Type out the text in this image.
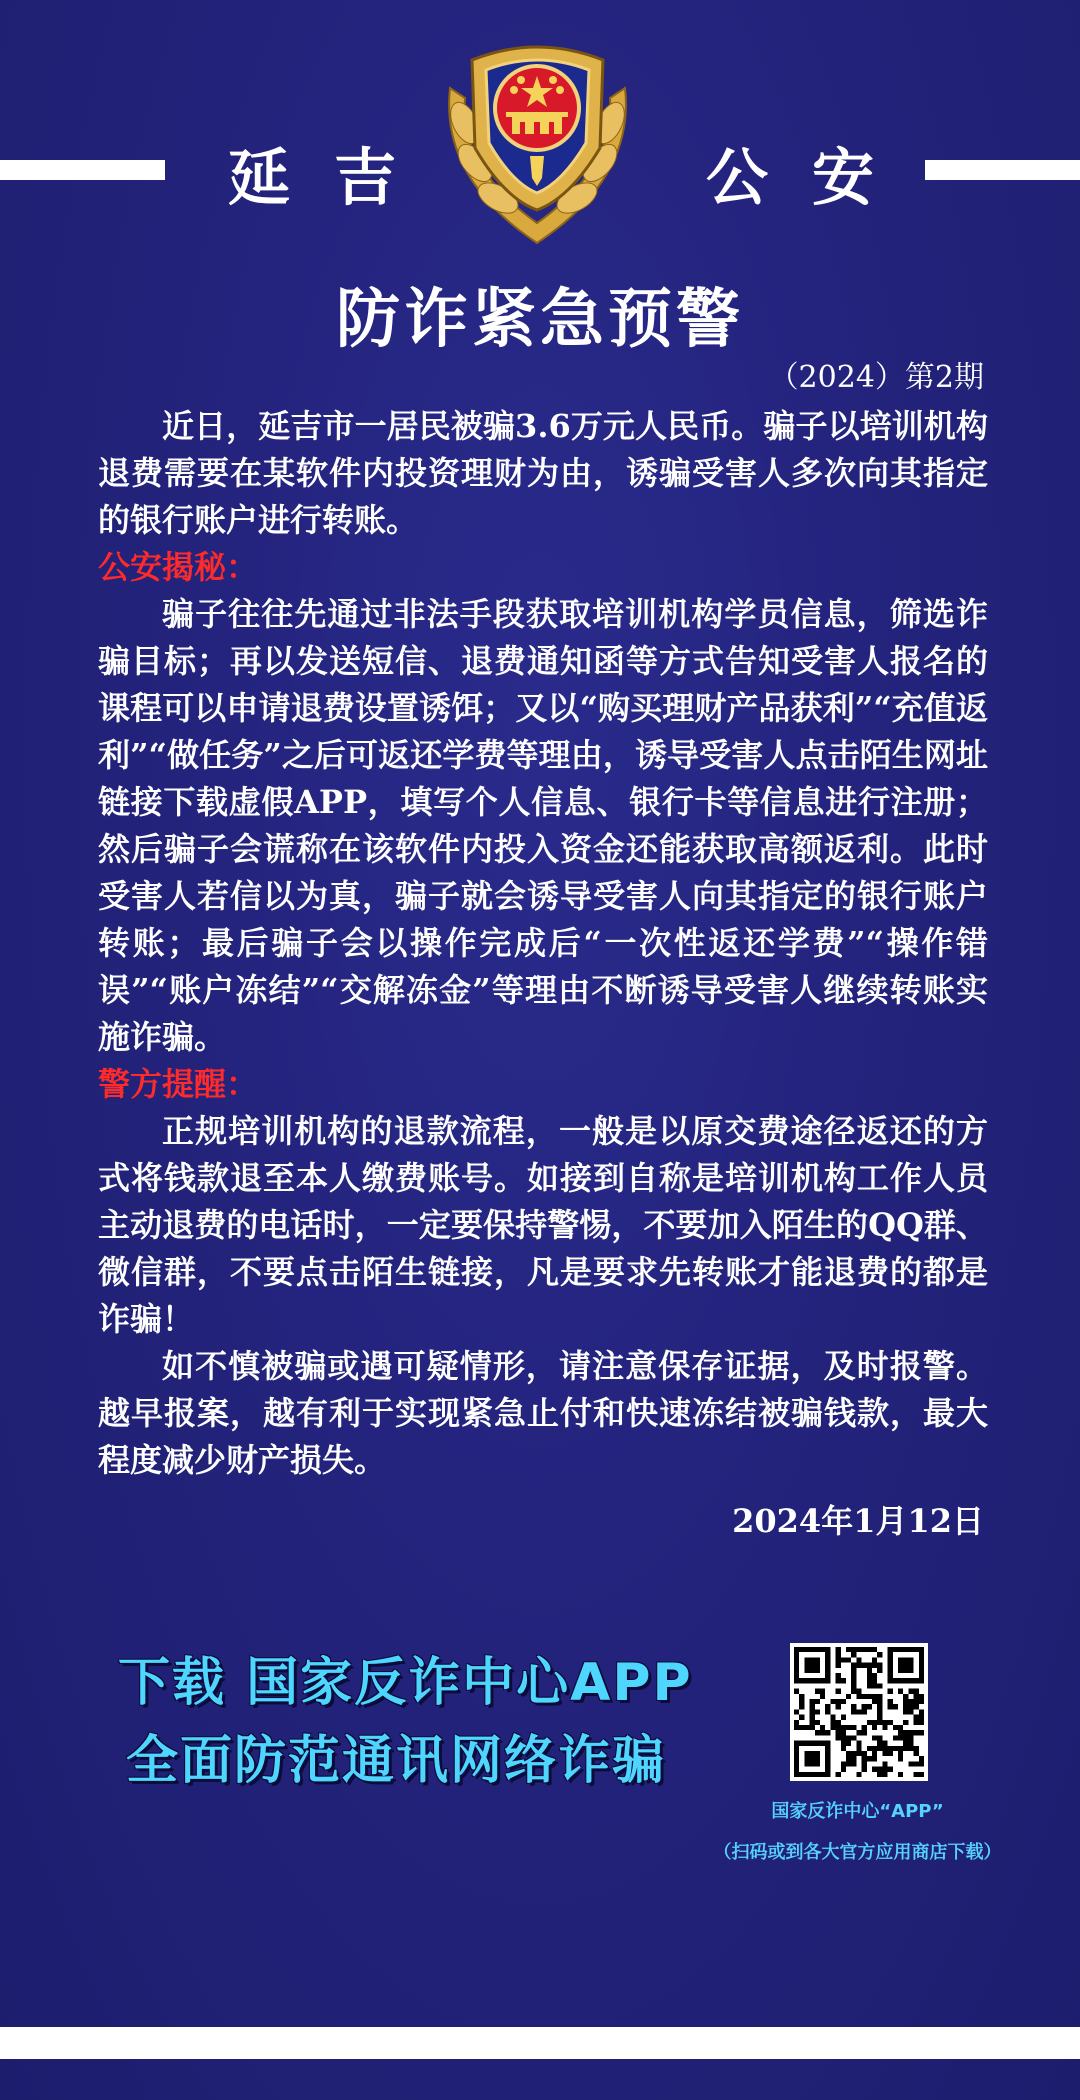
延吉	公安
防诈紧急预警
（2024）第2期

近日，延吉市一居民被骗3.6万元人民币。骗子以培训机构退费需要在某软件内投资理财为由，诱骗受害人多次向其指定的银行账户进行转账。

公安揭秘：

骗子往往先通过非法手段获取培训机构学员信息，筛选诈骗目标；再以发送短信、退费通知函等方式告知受害人报名的课程可以申请退费设置诱饵；又以“购买理财产品获利”“充值返利”“做任务”之后可返还学费等理由，诱导受害人点击陌生网址链接下载虚假APP，填写个人信息、银行卡等信息进行注册；然后骗子会谎称在该软件内投入资金还能获取高额返利。此时受害人若信以为真，骗子就会诱导受害人向其指定的银行账户转账；最后骗子会以操作完成后“一次性返还学费”“操作错误”“账户冻结”“交解冻金”等理由不断诱导受害人继续转账实施诈骗。

警方提醒：

正规培训机构的退款流程，一般是以原交费途径返还的方式将钱款退至本人缴费账号。如接到自称是培训机构工作人员主动退费的电话时，一定要保持警惕，不要加入陌生的QQ群、微信群，不要点击陌生链接，凡是要求先转账才能退费的都是诈骗！

如不慎被骗或遇可疑情形，请注意保存证据，及时报警。越早报案，越有利于实现紧急止付和快速冻结被骗钱款，最大程度减少财产损失。

2024年1月12日
下载 国家反诈中心APP
全面防范通讯网络诈骗
国家反诈中心“APP”
（扫码或到各大官方应用商店下载）
